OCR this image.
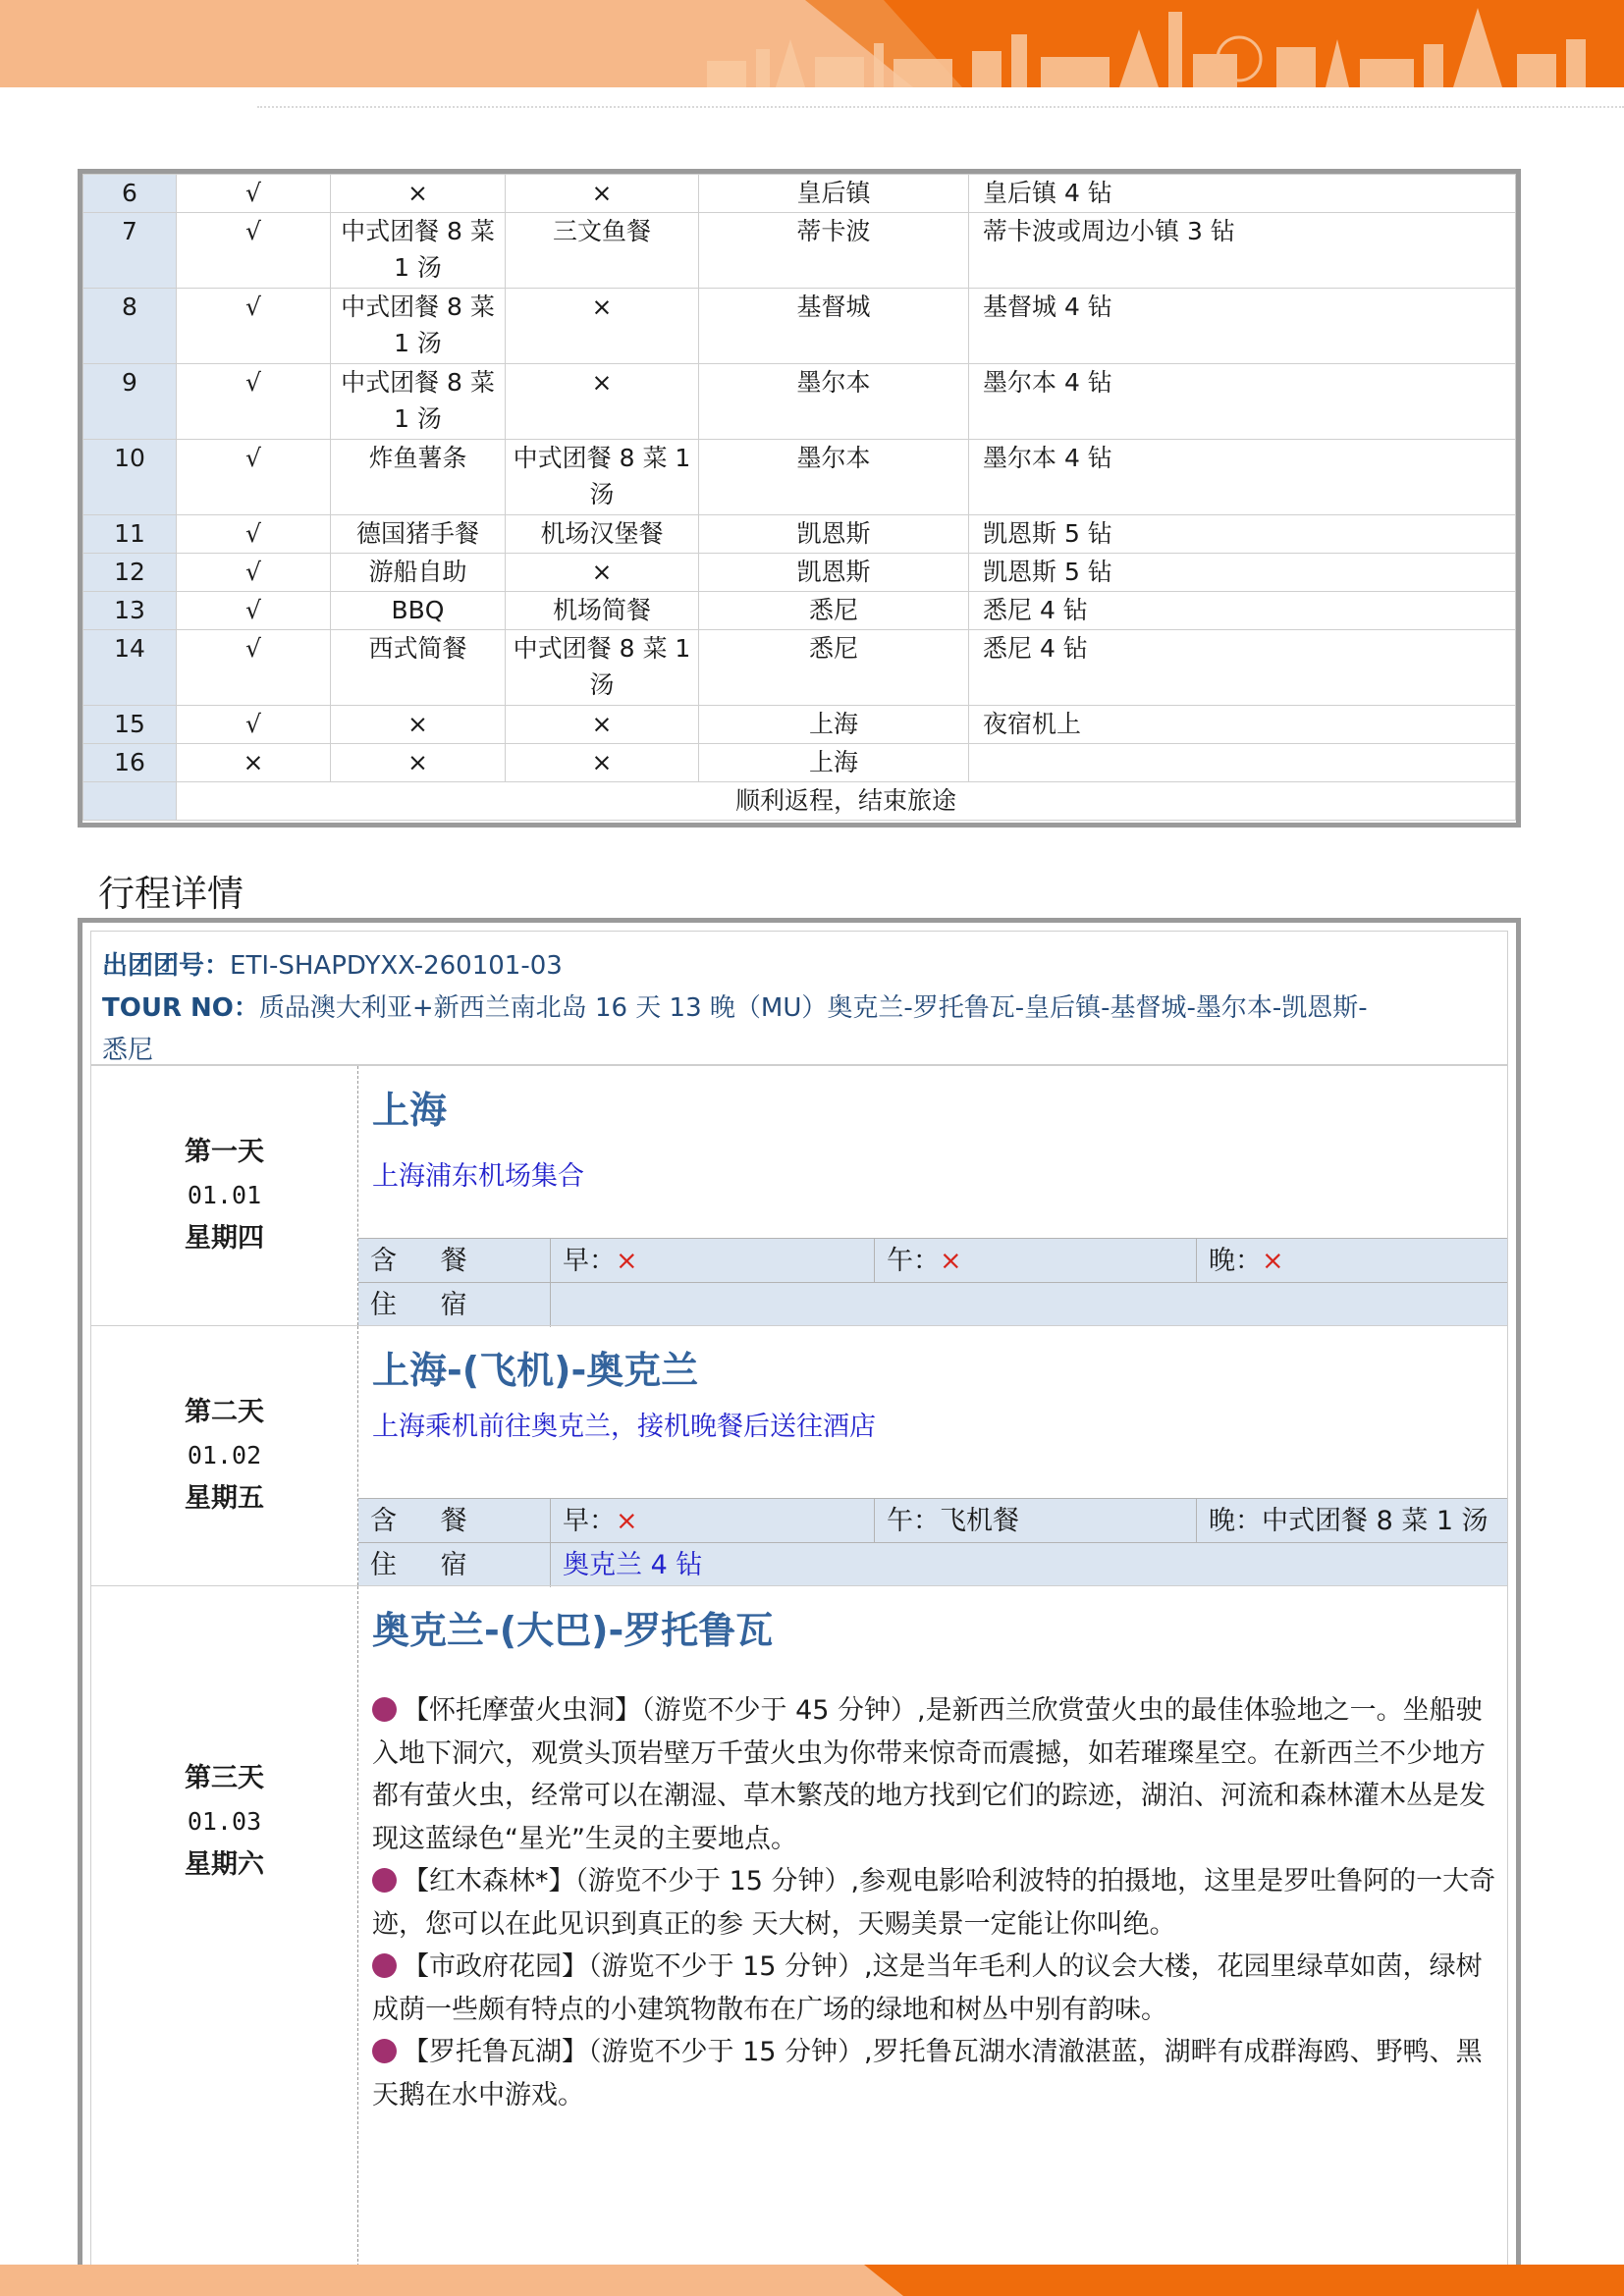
6	√	×	×	皇后镇	皇后镇 4 钻
7	√	中式团餐 8 菜 1 汤	三文鱼餐	蒂卡波	蒂卡波或周边小镇 3 钻
8	√	中式团餐 8 菜 1 汤	×	基督城	基督城 4 钻
9	√	中式团餐 8 菜 1 汤	×	墨尔本	墨尔本 4 钻
10	√	炸鱼薯条	中式团餐 8 菜 1 汤	墨尔本	墨尔本 4 钻
11	√	德国猪手餐	机场汉堡餐	凯恩斯	凯恩斯 5 钻
12	√	游船自助	×	凯恩斯	凯恩斯 5 钻
13	√	BBQ	机场简餐	悉尼	悉尼 4 钻
14	√	西式简餐	中式团餐 8 菜 1 汤	悉尼	悉尼 4 钻
15	√	×	×	上海	夜宿机上
16	×	×	×	上海	
	顺利返程，结束旅途				
行程详情
出团团号：ETI-SHAPDYXX-260101-03
TOUR NO：质品澳大利亚+新西兰南北岛 16 天 13 晚（MU）奥克兰-罗托鲁瓦-皇后镇-基督城-墨尔本-凯恩斯-
悉尼
第一天
01.01
星期四
上海
上海浦东机场集合
含 餐	早：×	午：×	晚：×
住 宿
第二天
01.02
星期五
上海-(飞机)-奥克兰
上海乘机前往奥克兰，接机晚餐后送往酒店
含 餐	早：×	午：飞机餐	晚：中式团餐 8 菜 1 汤
住 宿	奥克兰 4 钻
第三天
01.03
星期六
奥克兰-(大巴)-罗托鲁瓦

【怀托摩萤火虫洞】（游览不少于 45 分钟）,是新西兰欣赏萤火虫的最佳体验地之一。坐船驶入地下洞穴，观赏头顶岩壁万千萤火虫为你带来惊奇而震撼，如若璀璨星空。在新西兰不少地方都有萤火虫，经常可以在潮湿、草木繁茂的地方找到它们的踪迹，湖泊、河流和森林灌木丛是发现这蓝绿色“星光”生灵的主要地点。

【红木森林*】（游览不少于 15 分钟）,参观电影哈利波特的拍摄地，这里是罗吐鲁阿的一大奇迹，您可以在此见识到真正的参 天大树，天赐美景一定能让你叫绝。

【市政府花园】（游览不少于 15 分钟）,这是当年毛利人的议会大楼，花园里绿草如茵，绿树成荫一些颇有特点的小建筑物散布在广场的绿地和树丛中别有韵味。

【罗托鲁瓦湖】（游览不少于 15 分钟）,罗托鲁瓦湖水清澈湛蓝，湖畔有成群海鸥、野鸭、黑天鹅在水中游戏。
